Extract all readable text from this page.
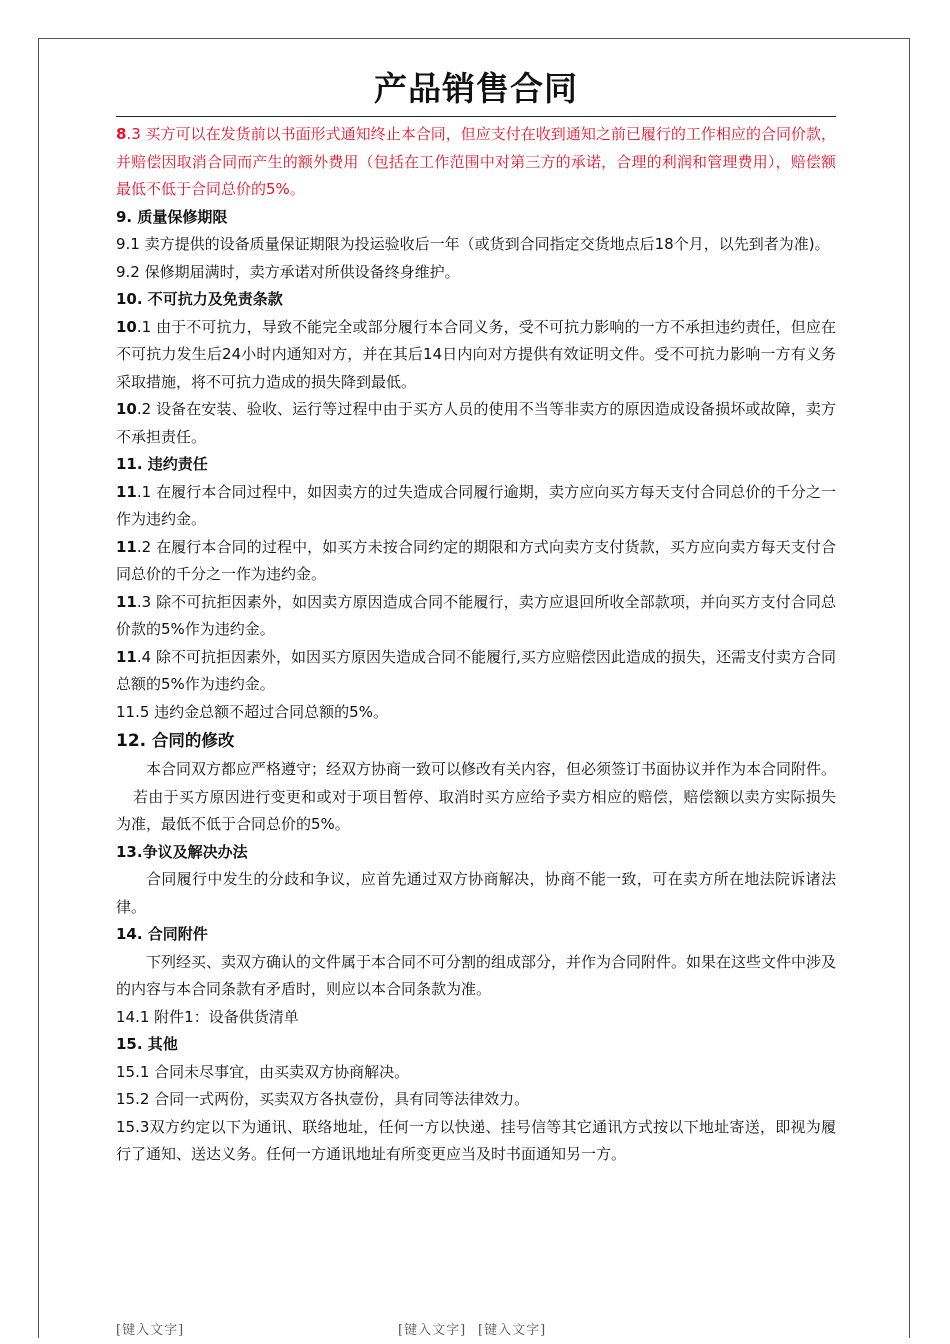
产品销售合同

8.3 买方可以在发货前以书面形式通知终止本合同，但应支付在收到通知之前已履行的工作相应的合同价款，并赔偿因取消合同而产生的额外费用（包括在工作范围中对第三方的承诺，合理的利润和管理费用），赔偿额最低不低于合同总价的5%。

9. 质量保修期限

9.1 卖方提供的设备质量保证期限为投运验收后一年（或货到合同指定交货地点后18个月，以先到者为准)。

9.2 保修期届满时，卖方承诺对所供设备终身维护。

10. 不可抗力及免责条款

10.1 由于不可抗力，导致不能完全或部分履行本合同义务，受不可抗力影响的一方不承担违约责任，但应在不可抗力发生后24小时内通知对方，并在其后14日内向对方提供有效证明文件。受不可抗力影响一方有义务采取措施，将不可抗力造成的损失降到最低。

10.2 设备在安装、验收、运行等过程中由于买方人员的使用不当等非卖方的原因造成设备损坏或故障，卖方不承担责任。

11. 违约责任

11.1 在履行本合同过程中，如因卖方的过失造成合同履行逾期，卖方应向买方每天支付合同总价的千分之一作为违约金。

11.2 在履行本合同的过程中，如买方未按合同约定的期限和方式向卖方支付货款，买方应向卖方每天支付合同总价的千分之一作为违约金。

11.3 除不可抗拒因素外，如因卖方原因造成合同不能履行，卖方应退回所收全部款项，并向买方支付合同总价款的5%作为违约金。

11.4 除不可抗拒因素外，如因买方原因失造成合同不能履行,买方应赔偿因此造成的损失，还需支付卖方合同总额的5%作为违约金。

11.5 违约金总额不超过合同总额的5%。

12. 合同的修改

本合同双方都应严格遵守；经双方协商一致可以修改有关内容，但必须签订书面协议并作为本合同附件。

若由于买方原因进行变更和或对于项目暂停、取消时买方应给予卖方相应的赔偿，赔偿额以卖方实际损失为准，最低不低于合同总价的5%。

13.争议及解决办法

合同履行中发生的分歧和争议，应首先通过双方协商解决，协商不能一致，可在卖方所在地法院诉诸法律。

14. 合同附件

下列经买、卖双方确认的文件属于本合同不可分割的组成部分，并作为合同附件。如果在这些文件中涉及的内容与本合同条款有矛盾时，则应以本合同条款为准。

14.1 附件1：设备供货清单

15. 其他

15.1 合同未尽事宜，由买卖双方协商解决。

15.2 合同一式两份，买卖双方各执壹份，具有同等法律效力。

15.3双方约定以下为通讯、联络地址，任何一方以快递、挂号信等其它通讯方式按以下地址寄送，即视为履行了通知、送达义务。任何一方通讯地址有所变更应当及时书面通知另一方。

[键入文字]	[键入文字] [键入文字]
